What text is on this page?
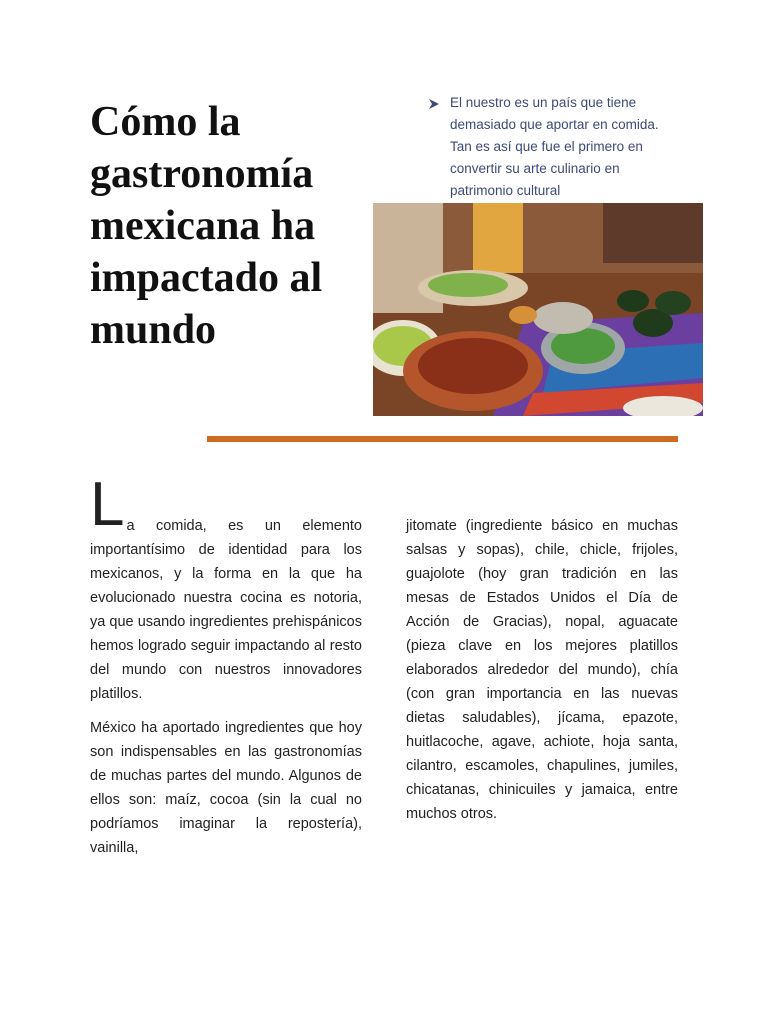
Cómo la gastronomía mexicana ha impactado al mundo
El nuestro es un país que tiene demasiado que aportar en comida. Tan es así que fue el primero en convertir su arte culinario en patrimonio cultural

La comida, es un elemento importantísimo de identidad para los mexicanos, y la forma en la que ha evolucionado nuestra cocina es notoria, ya que usando ingredientes prehispánicos hemos logrado seguir impactando al resto del mundo con nuestros innovadores platillos.

México ha aportado ingredientes que hoy son indispensables en las gastronomías de muchas partes del mundo. Algunos de ellos son: maíz, cocoa (sin la cual no podríamos imaginar la repostería), vainilla,

jitomate (ingrediente básico en muchas salsas y sopas), chile, chicle, frijoles, guajolote (hoy gran tradición en las mesas de Estados Unidos el Día de Acción de Gracias), nopal, aguacate (pieza clave en los mejores platillos elaborados alrededor del mundo), chía (con gran importancia en las nuevas dietas saludables), jícama, epazote, huitlacoche, agave, achiote, hoja santa, cilantro, escamoles, chapulines, jumiles, chicatanas, chinicuiles y jamaica, entre muchos otros.
